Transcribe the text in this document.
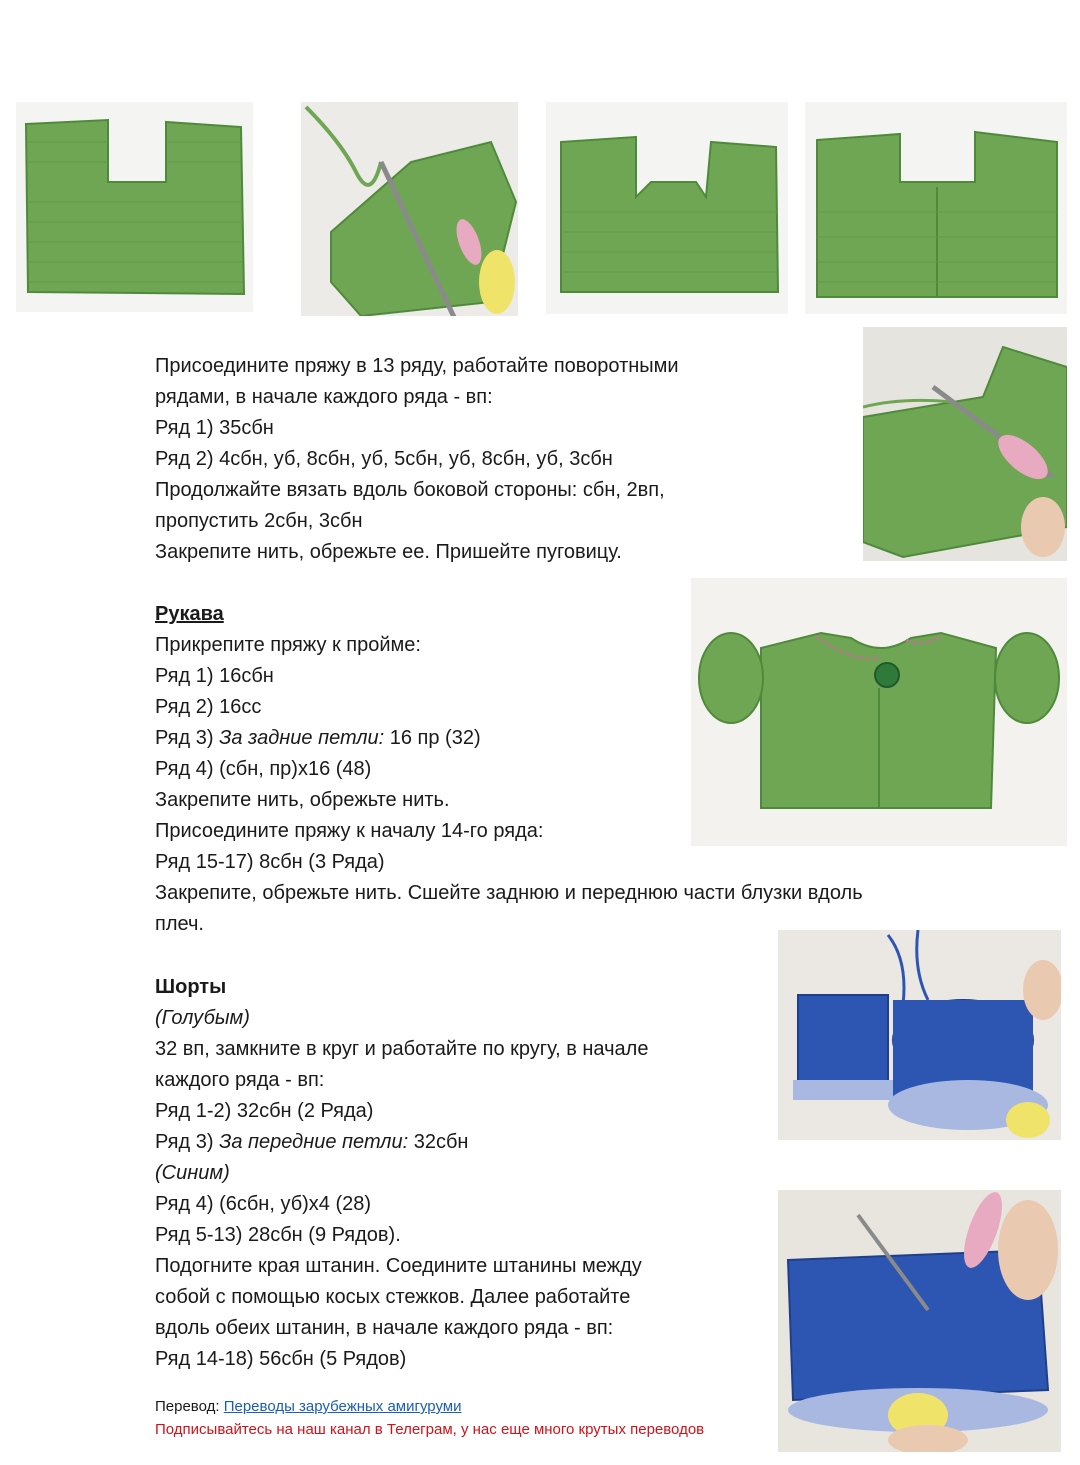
Присоедините пряжу в 13 ряду, работайте поворотными
рядами, в начале каждого ряда - вп:
Ряд 1) 35сбн
Ряд 2) 4сбн, уб, 8сбн, уб, 5сбн, уб, 8сбн, уб, 3сбн
Продолжайте вязать вдоль боковой стороны: сбн, 2вп,
пропустить 2сбн, 3сбн
Закрепите нить, обрежьте ее. Пришейте пуговицу.
Рукава
Прикрепите пряжу к пройме:
Ряд 1) 16сбн
Ряд 2) 16сс
Ряд 3) За задние петли: 16 пр (32)
Ряд 4) (сбн, пр)х16 (48)
Закрепите нить, обрежьте нить.
Присоедините пряжу к началу 14-го ряда:
Ряд 15-17) 8сбн (3 Ряда)
Закрепите, обрежьте нить. Сшейте заднюю и переднюю части блузки вдоль
плеч.
Шорты
(Голубым)
32 вп, замкните в круг и работайте по кругу, в начале
каждого ряда - вп:
Ряд 1-2) 32сбн (2 Ряда)
Ряд 3) За передние петли: 32сбн
(Синим)
Ряд 4) (6сбн, уб)х4 (28)
Ряд 5-13) 28сбн (9 Рядов).
Подогните края штанин. Соедините штанины между
собой с помощью косых стежков. Далее работайте
вдоль обеих штанин, в начале каждого ряда - вп:
Ряд 14-18) 56сбн (5 Рядов)
Перевод: Переводы зарубежных амигуруми
Подписывайтесь на наш канал в Телеграм, у нас еще много крутых переводов
